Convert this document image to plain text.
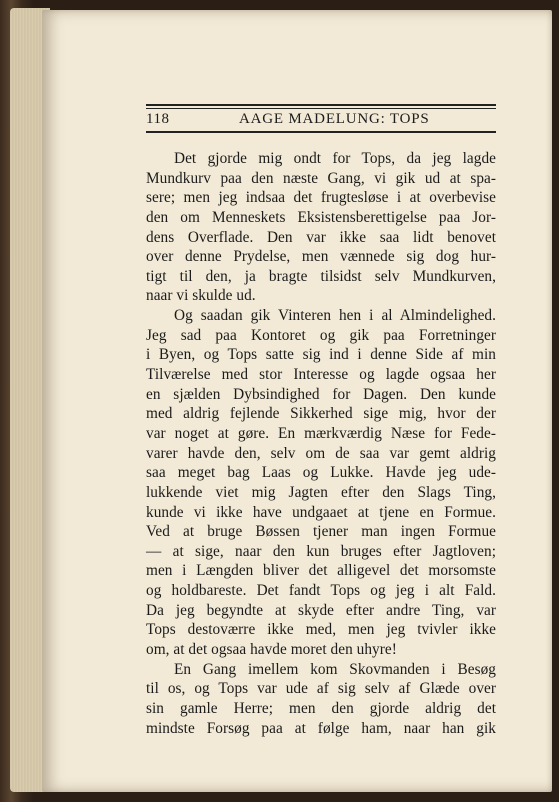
118	AAGE MADELUNG: TOPS
Det gjorde mig ondt for Tops, da jeg lagde
Mundkurv paa den næste Gang, vi gik ud at spa-
sere; men jeg indsaa det frugtesløse i at overbevise
den om Menneskets Eksistensberettigelse paa Jor-
dens Overflade. Den var ikke saa lidt benovet
over denne Prydelse, men vænnede sig dog hur-
tigt til den, ja bragte tilsidst selv Mundkurven,
naar vi skulde ud.
Og saadan gik Vinteren hen i al Almindelighed.
Jeg sad paa Kontoret og gik paa Forretninger
i Byen, og Tops satte sig ind i denne Side af min
Tilværelse med stor Interesse og lagde ogsaa her
en sjælden Dybsindighed for Dagen. Den kunde
med aldrig fejlende Sikkerhed sige mig, hvor der
var noget at gøre. En mærkværdig Næse for Fede-
varer havde den, selv om de saa var gemt aldrig
saa meget bag Laas og Lukke. Havde jeg ude-
lukkende viet mig Jagten efter den Slags Ting,
kunde vi ikke have undgaaet at tjene en Formue.
Ved at bruge Bøssen tjener man ingen Formue
— at sige, naar den kun bruges efter Jagtloven;
men i Længden bliver det alligevel det morsomste
og holdbareste. Det fandt Tops og jeg i alt Fald.
Da jeg begyndte at skyde efter andre Ting, var
Tops destoværre ikke med, men jeg tvivler ikke
om, at det ogsaa havde moret den uhyre!
En Gang imellem kom Skovmanden i Besøg
til os, og Tops var ude af sig selv af Glæde over
sin gamle Herre; men den gjorde aldrig det
mindste Forsøg paa at følge ham, naar han gik
